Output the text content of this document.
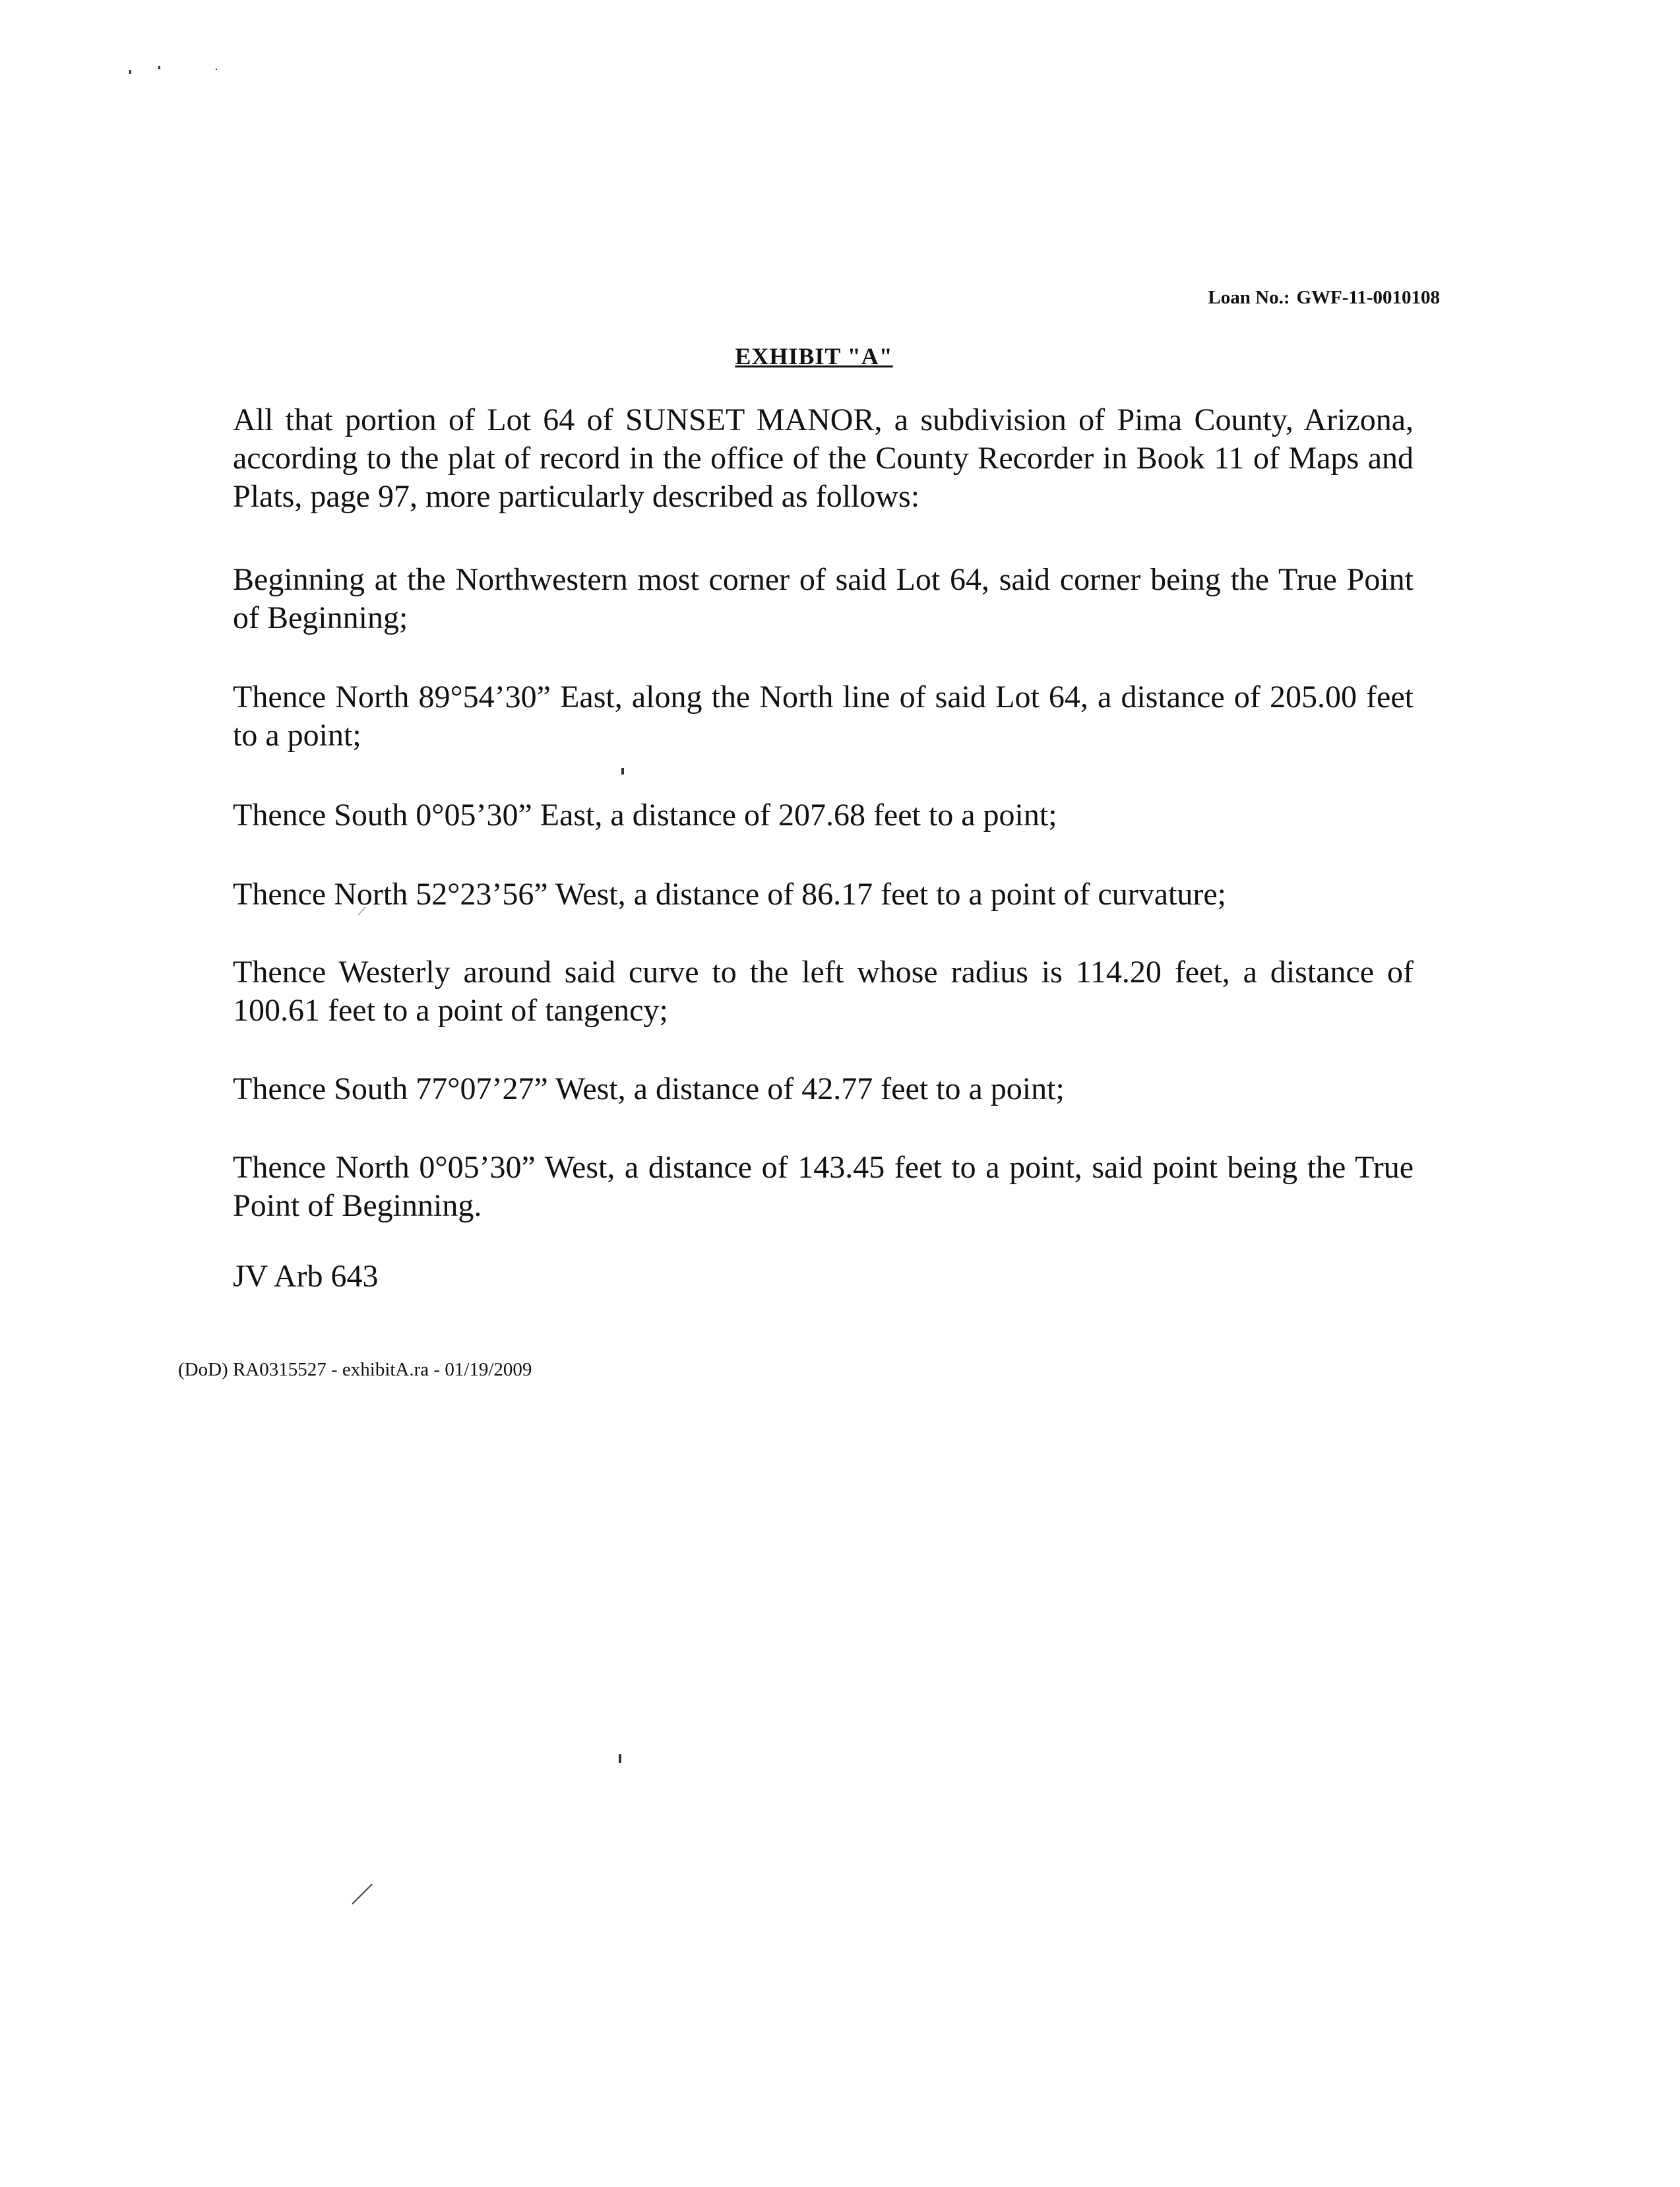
Loan No.: GWF-11-0010108
EXHIBIT "A"
All that portion of Lot 64 of SUNSET MANOR, a subdivision of Pima County, Arizona, according to the plat of record in the office of the County Recorder in Book 11 of Maps and Plats, page 97, more particularly described as follows:
Beginning at the Northwestern most corner of said Lot 64, said corner being the True Point of Beginning;
Thence North 89°54’30” East, along the North line of said Lot 64, a distance of 205.00 feet to a point;
Thence South 0°05’30” East, a distance of 207.68 feet to a point;
Thence North 52°23’56” West, a distance of 86.17 feet to a point of curvature;
Thence Westerly around said curve to the left whose radius is 114.20 feet, a distance of 100.61 feet to a point of tangency;
Thence South 77°07’27” West, a distance of 42.77 feet to a point;
Thence North 0°05’30” West, a distance of 143.45 feet to a point, said point being the True Point of Beginning.
JV Arb 643
(DoD) RA0315527 - exhibitA.ra - 01/19/2009
